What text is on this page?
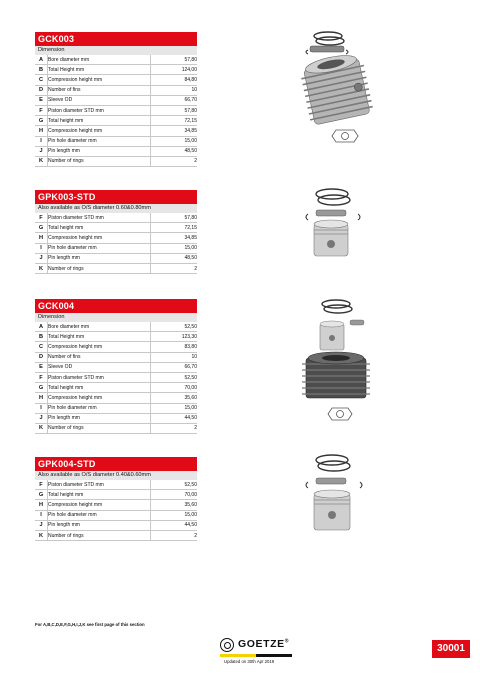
GCK003
Dimension
A	Bore diameter mm	57,80
B	Total Height mm	124,00
C	Compression height mm	84,80
D	Number of fins	10
E	Sleeve OD	66,70
F	Piston diameter STD mm	57,80
G	Total height mm	72,15
H	Compression height mm	34,85
I	Pin hole diameter mm	15,00
J	Pin length mm	48,50
K	Number of rings	2
GPK003-STD
Also available as O/S diameter 0.60&0.80mm
F	Piston diameter STD mm	57,80
G	Total height mm	72,15
H	Compression height mm	34,85
I	Pin hole diameter mm	15,00
J	Pin length mm	48,50
K	Number of rings	2
GCK004
Dimension
A	Bore diameter mm	52,50
B	Total Height mm	123,30
C	Compression height mm	83,80
D	Number of fins	10
E	Sleeve OD	66,70
F	Piston diameter STD mm	52,50
G	Total height mm	70,00
H	Compression height mm	35,60
I	Pin hole diameter mm	15,00
J	Pin length mm	44,50
K	Number of rings	2
GPK004-STD
Also available as O/S diameter 0.40&0.60mm
F	Piston diameter STD mm	52,50
G	Total height mm	70,00
H	Compression height mm	35,60
I	Pin hole diameter mm	15,00
J	Pin length mm	44,50
K	Number of rings	2
For A,B,C,D,E,F,G,H,I,J,K see first page of this section
GOETZE®
Updated on 30th Apr 2019
30001
